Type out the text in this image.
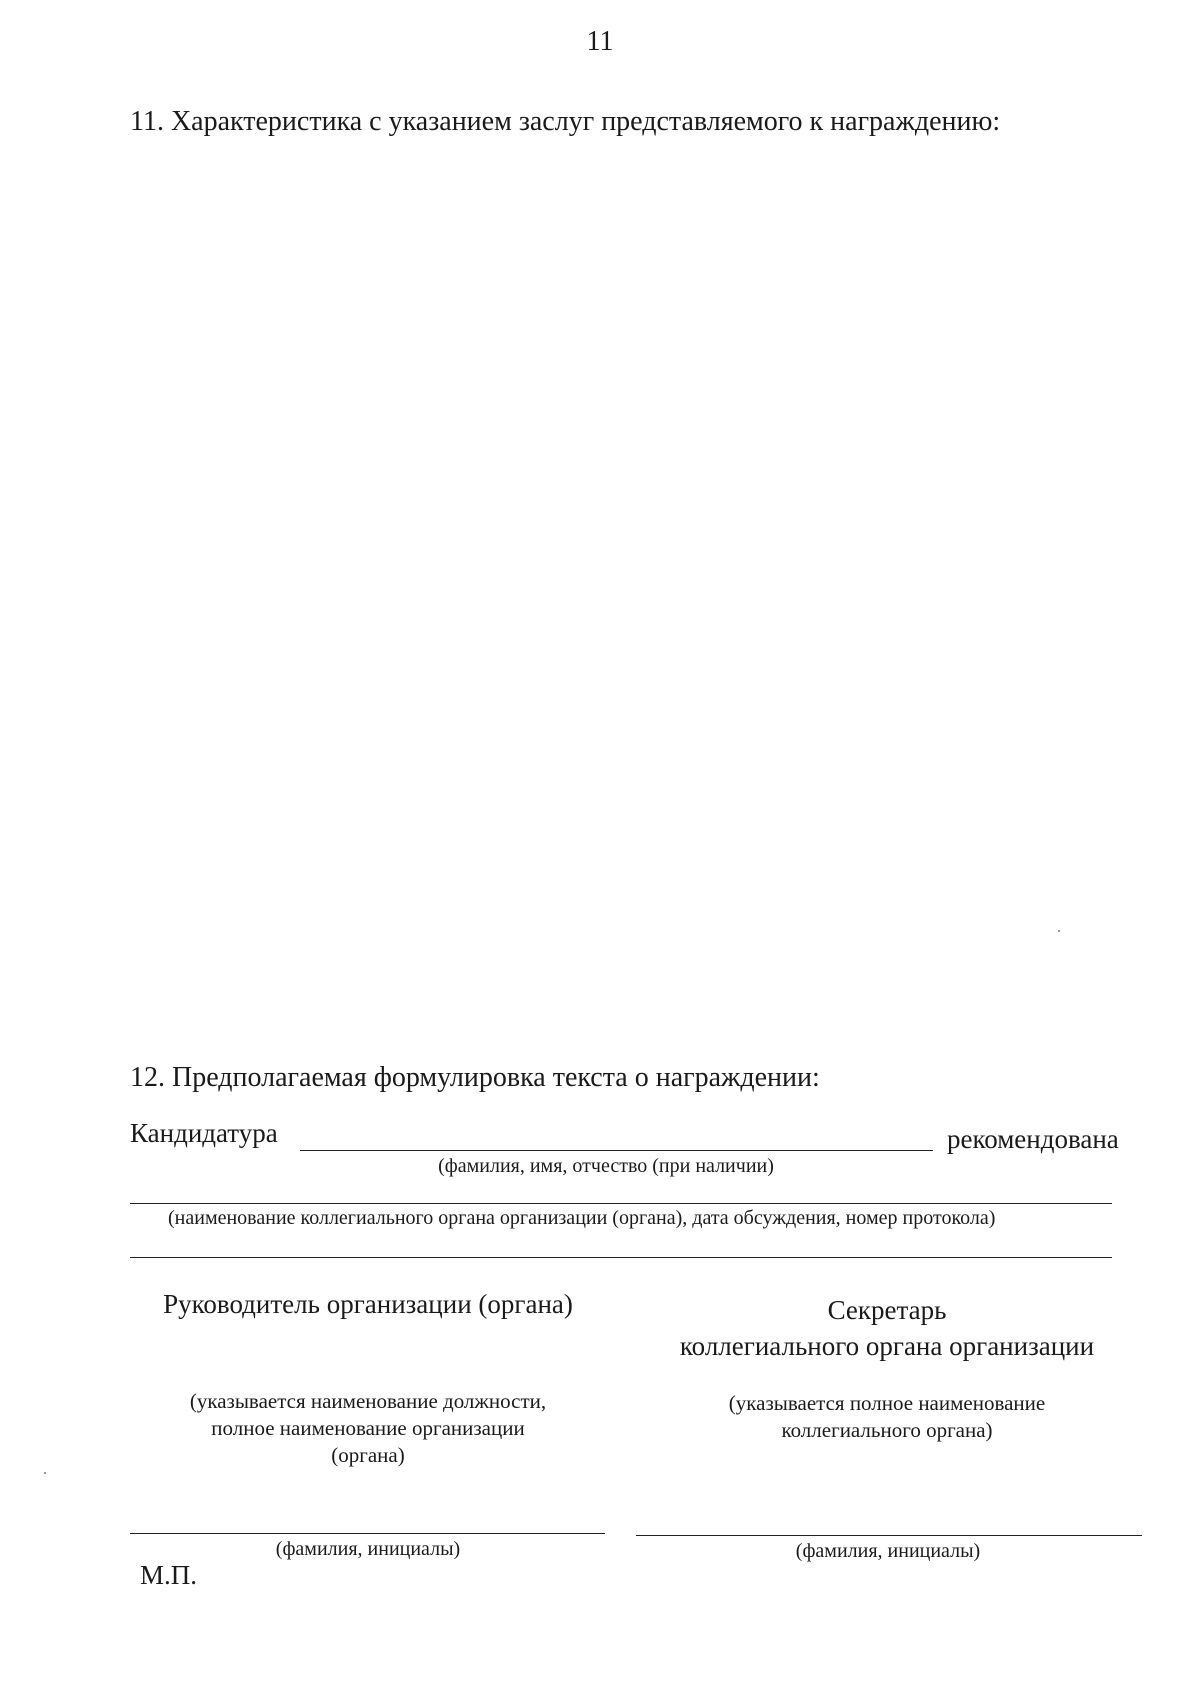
11
11. Характеристика с указанием заслуг представляемого к награждению:
12. Предполагаемая формулировка текста о награждении:
Кандидатура	рекомендована
(фамилия, имя, отчество (при наличии)
(наименование коллегиального органа организации (органа), дата обсуждения, номер протокола)
Руководитель организации (органа)
(указывается наименование должности,
полное наименование организации
(органа)
(фамилия, инициалы)
Секретарь
коллегиального органа организации
(указывается полное наименование
коллегиального органа)
(фамилия, инициалы)
М.П.
